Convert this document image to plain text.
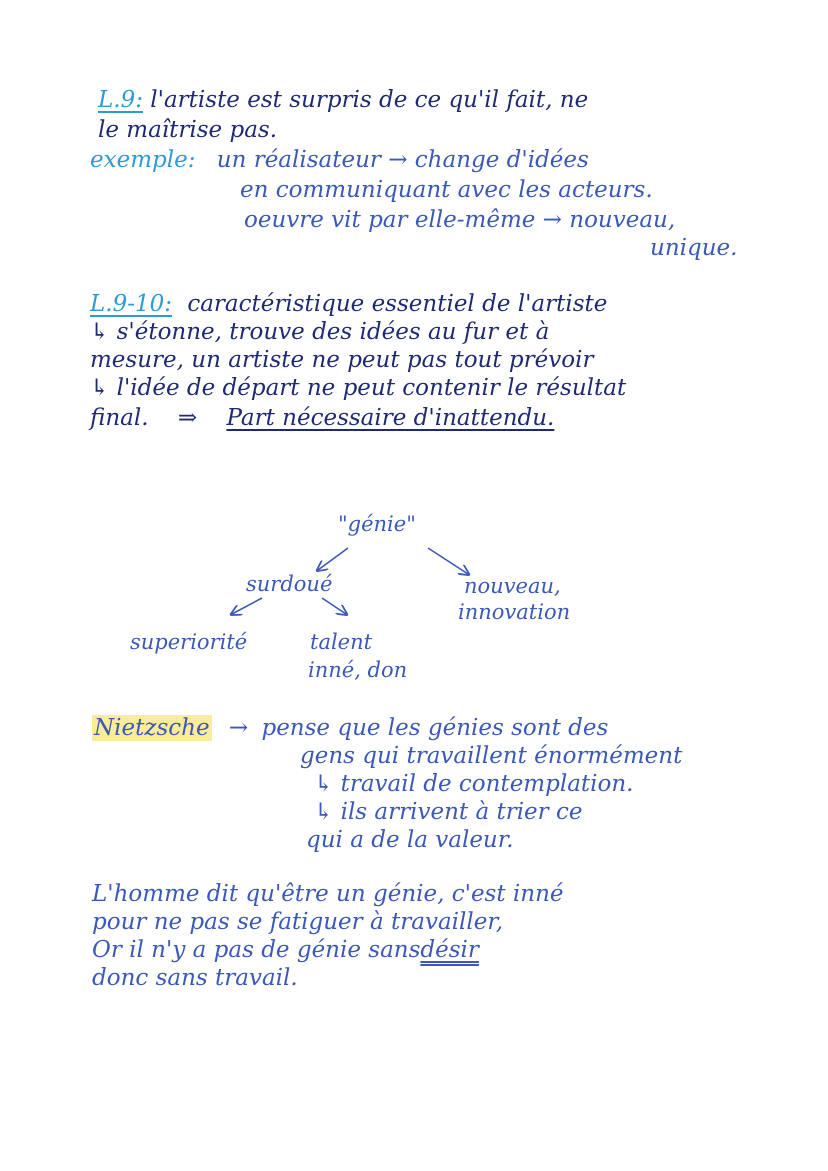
L.9: l'artiste est surpris de ce qu'il fait, ne
le maîtrise pas.
exemple: un réalisateur → change d'idées
en communiquant avec les acteurs.
oeuvre vit par elle-même → nouveau,
unique.
L.9-10: caractéristique essentiel de l'artiste
↳ s'étonne, trouve des idées au fur et à
mesure, un artiste ne peut pas tout prévoir
↳ l'idée de départ ne peut contenir le résultat
final. ⇒ Part nécessaire d'inattendu.
"génie"
surdoué	nouveau,
innovation
superiorité	talent
inné, don
Nietzsche → pense que les génies sont des
gens qui travaillent énormément
↳ travail de contemplation.
↳ ils arrivent à trier ce
qui a de la valeur.
L'homme dit qu'être un génie, c'est inné
pour ne pas se fatiguer à travailler,
Or il n'y a pas de génie sansdésir
donc sans travail.
